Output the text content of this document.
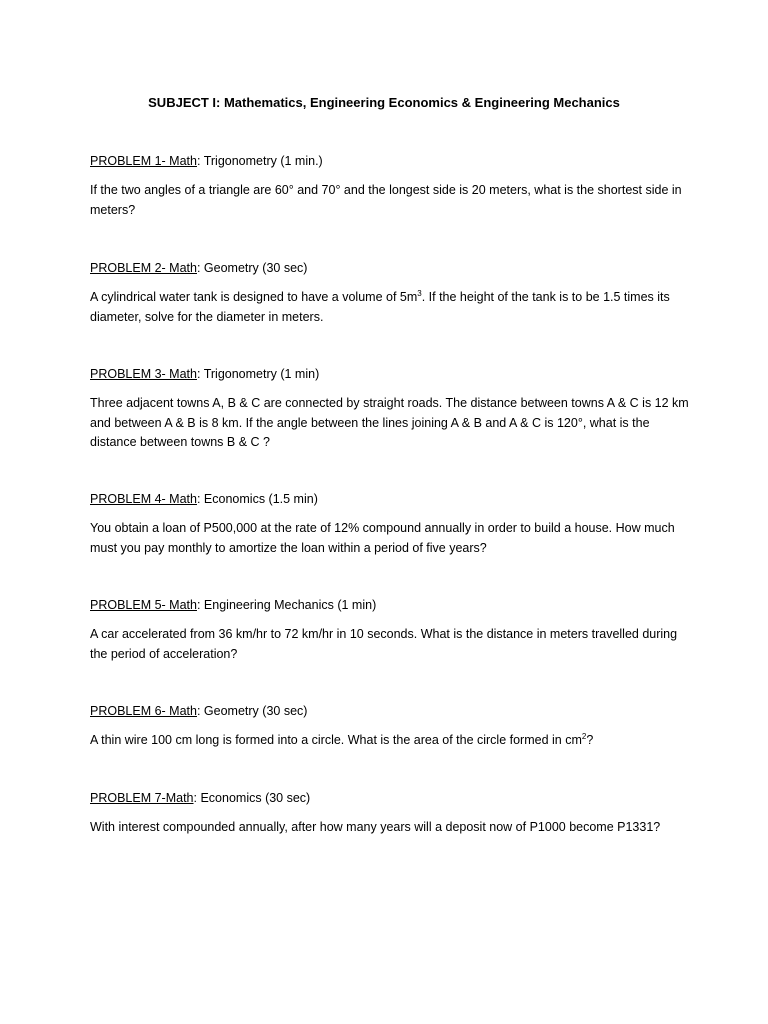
SUBJECT I: Mathematics, Engineering Economics & Engineering Mechanics

PROBLEM 1- Math: Trigonometry (1 min.)

If the two angles of a triangle are 60° and 70° and the longest side is 20 meters, what is the shortest side in meters?

PROBLEM 2- Math: Geometry (30 sec)

A cylindrical water tank is designed to have a volume of $5m^3$. If the height of the tank is to be 1.5 times its diameter, solve for the diameter in meters.

PROBLEM 3- Math: Trigonometry (1 min)

Three adjacent towns A, B & C are connected by straight roads. The distance between towns A & C is 12 km and between A & B is 8 km. If the angle between the lines joining A & B and A & C is 120°, what is the distance between towns B & C ?

PROBLEM 4- Math: Economics (1.5 min)

You obtain a loan of P500,000 at the rate of 12% compound annually in order to build a house. How much must you pay monthly to amortize the loan within a period of five years?

PROBLEM 5- Math: Engineering Mechanics (1 min)

A car accelerated from 36 km/hr to 72 km/hr in 10 seconds. What is the distance in meters travelled during the period of acceleration?

PROBLEM 6- Math: Geometry (30 sec)

A thin wire 100 cm long is formed into a circle. What is the area of the circle formed in $cm^2$?

PROBLEM 7-Math: Economics (30 sec)

With interest compounded annually, after how many years will a deposit now of P1000 become P1331?
